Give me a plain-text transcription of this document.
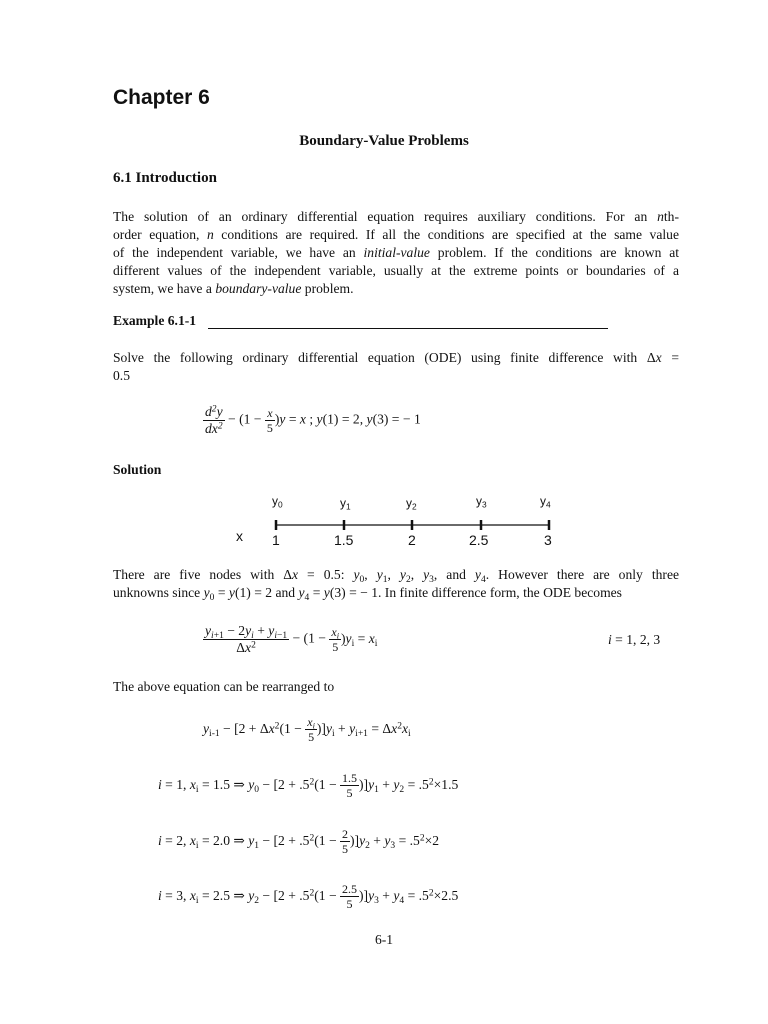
Chapter 6
Boundary-Value Problems
6.1 Introduction
The solution of an ordinary differential equation requires auxiliary conditions. For an nth-
order equation, n conditions are required. If all the conditions are specified at the same value
of the independent variable, we have an initial-value problem. If the conditions are known at
different values of the independent variable, usually at the extreme points or boundaries of a
system, we have a boundary-value problem.
Example 6.1-1
Solve the following ordinary differential equation (ODE) using finite difference with Δx =
0.5
$\frac{d^2y}{dx^2} - (1 - \frac{x}{5} )y = x$ ; y(1) = 2, y(3) = − 1
Solution
x
$y_0$	$y_1$	$y_2$	$y_3$	$y_4$
1	1.5	2	2.5	3
There are five nodes with Δx = 0.5: $y_0$, $y_1$, $y_2$, $y_3$, and $y_4$. However there are only three
unknowns since $y_0 = y(1) = 2$ and $y_4 = y(3)$ = − 1. In finite difference form, the ODE becomes
$\frac{y_{i+1} - 2y_i + y_{i-1}}{\Delta x^2} - (1 - \frac{x_i}{5} )y_i = x_i$	i = 1, 2, 3
The above equation can be rearranged to
$y_{i-1} - [2 + \Delta x^2(1 - \frac{x_i}{5} )]y_i + y_{i+1} = \Delta x^2x_i$
i = 1, $x_i = 1.5$ ⇒ $y_0 - [2 + .5^2(1 - \frac{1.5}{5} )]y_1 + y_2 = .5^2\times 1.5$
i = 2, $x_i = 2.0$ ⇒ $y_1 - [2 + .5^2(1 - \frac{2}{5} )]y_2 + y_3 = .5^2\times 2$
i = 3, $x_i = 2.5$ ⇒ $y_2 - [2 + .5^2(1 - \frac{2.5}{5} )]y_3 + y_4 = .5^2\times 2.5$
6-1
